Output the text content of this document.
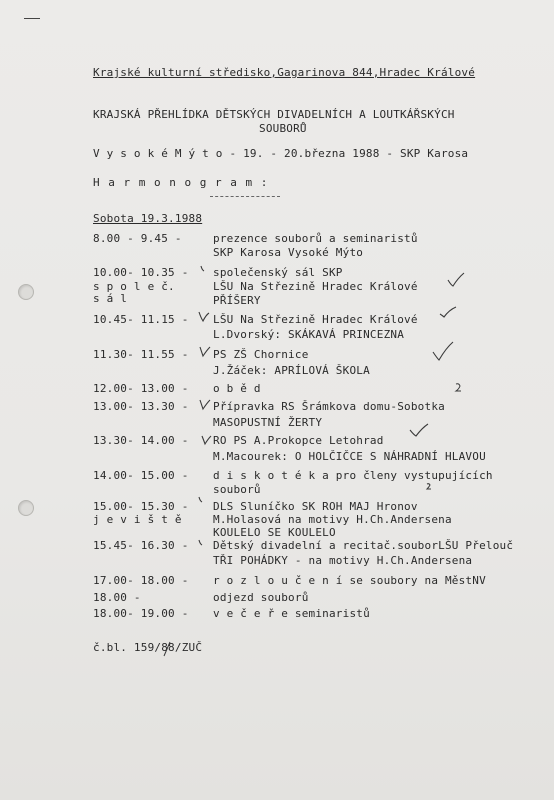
Krajské kulturní středisko,Gagarinova 844,Hradec Králové
KRAJSKÁ PŘEHLÍDKA DĚTSKÝCH DIVADELNÍCH A LOUTKÁŘSKÝCH
SOUBORŮ
V y s o k é M ý t o - 19. - 20.března 1988 - SKP Karosa
H a r m o n o g r a m :
Sobota 19.3.1988
8.00 - 9.45 -	prezence souborů a seminaristů
SKP Karosa Vysoké Mýto
10.00- 10.35 - společenský sál SKP
s p o l e č.	LŠU Na Střezině Hradec Králové
s á l	PŘÍŠERY
10.45- 11.15 - LŠU Na Střezině Hradec Králové
L.Dvorský: SKÁKAVÁ PRINCEZNA
11.30- 11.55 - PS ZŠ Chornice
J.Žáček: APRÍLOVÁ ŠKOLA
12.00- 13.00 - o b ě d
13.00- 13.30 - Přípravka RS Šrámkova domu-Sobotka
MASOPUSTNÍ ŽERTY
13.30- 14.00 - RO PS A.Prokopce Letohrad
M.Macourek: O HOLČIČCE S NÁHRADNÍ HLAVOU
14.00- 15.00 - d i s k o t é k a pro členy vystupujících
souborů
15.00- 15.30 - DLS Sluníčko SK ROH MAJ Hronov
j e v i š t ě	M.Holasová na motivy H.Ch.Andersena
KOULELO SE KOULELO
15.45- 16.30 - Dětský divadelní a recitač.souborLŠU Přelouč
TŘI POHÁDKY - na motivy H.Ch.Andersena
17.00- 18.00 - r o z l o u č e n í se soubory na MěstNV
18.00 -	odjezd souborů
18.00- 19.00 - v e č e ř e seminaristů
č.bl. 159/88/ZUČ
